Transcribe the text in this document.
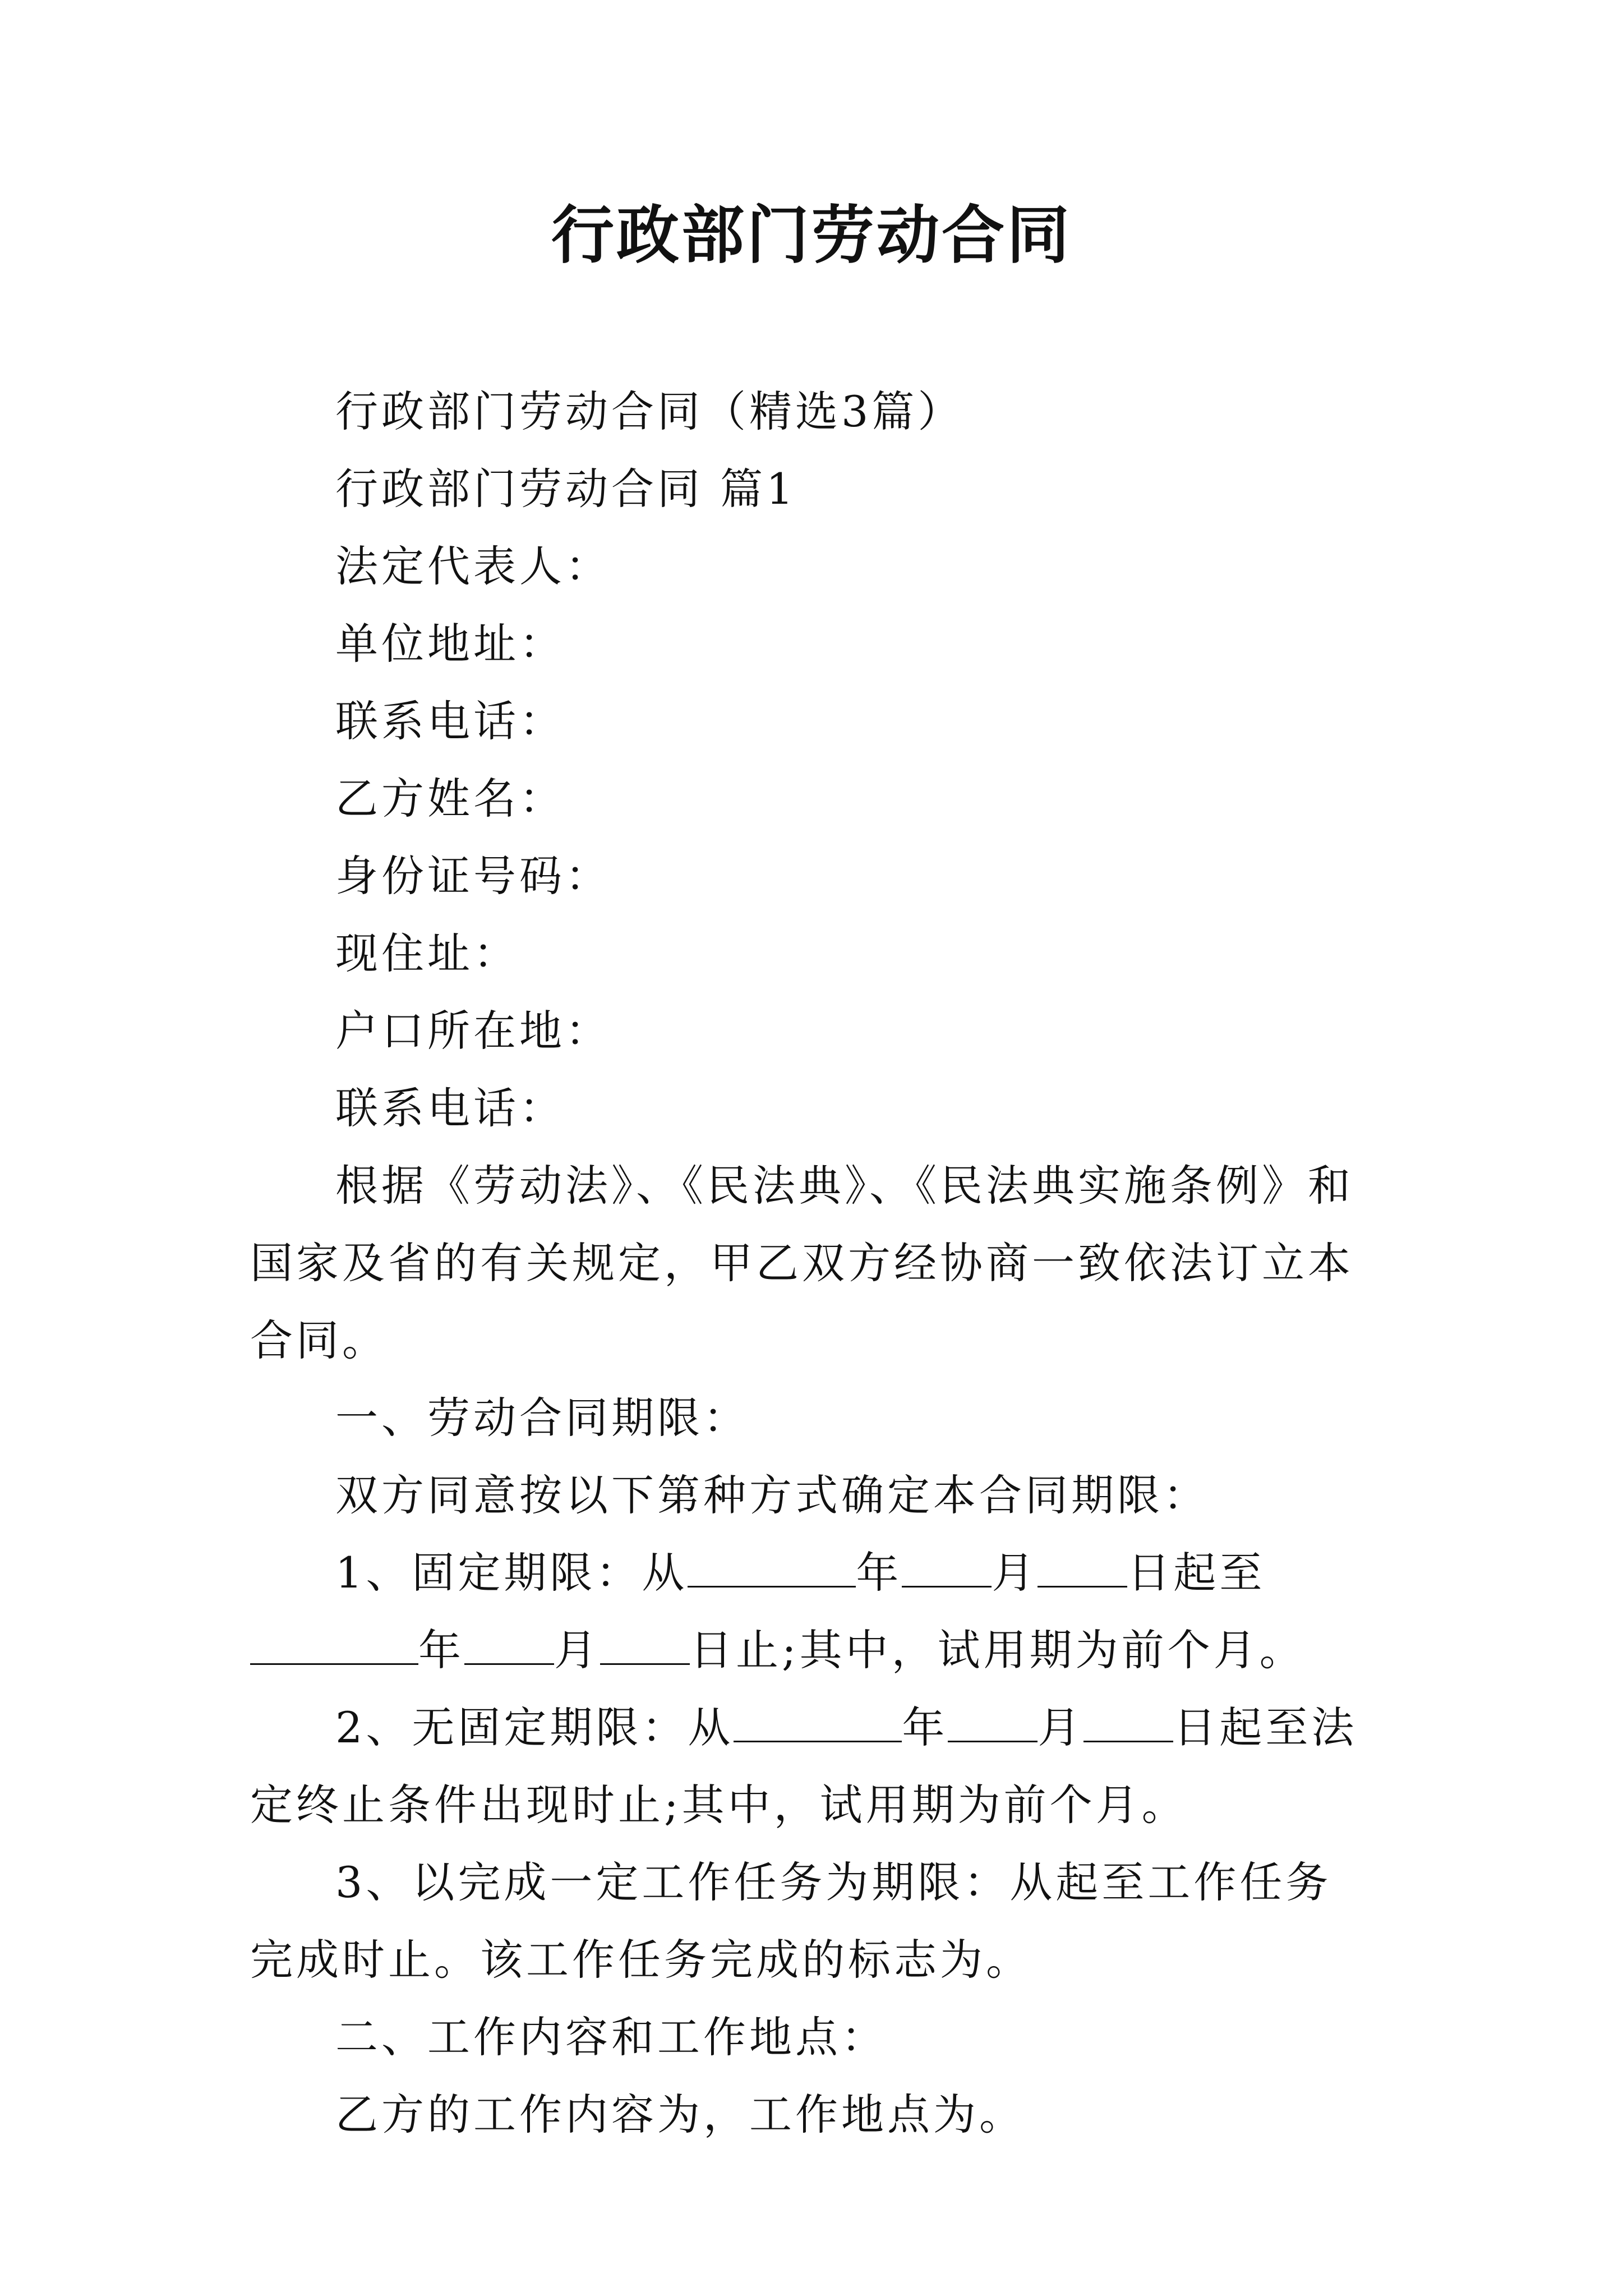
行政部门劳动合同

行政部门劳动合同（精选3篇）

行政部门劳动合同 篇1

法定代表人：

单位地址：

联系电话：

乙方姓名：

身份证号码：

现住址：

户口所在地：

联系电话：

根据《劳动法》、《民法典》、《民法典实施条例》和国家及省的有关规定，甲乙双方经协商一致依法订立本合同。

一、劳动合同期限：

双方同意按以下第种方式确定本合同期限：

1、固定期限：从	年 月 日起至年 月 日止;其中，试用期为前个月。

2、无固定期限：从	年 月 日起至法定终止条件出现时止;其中，试用期为前个月。

3、以完成一定工作任务为期限：从起至工作任务完成时止。该工作任务完成的标志为。

二、工作内容和工作地点：

乙方的工作内容为，工作地点为。
